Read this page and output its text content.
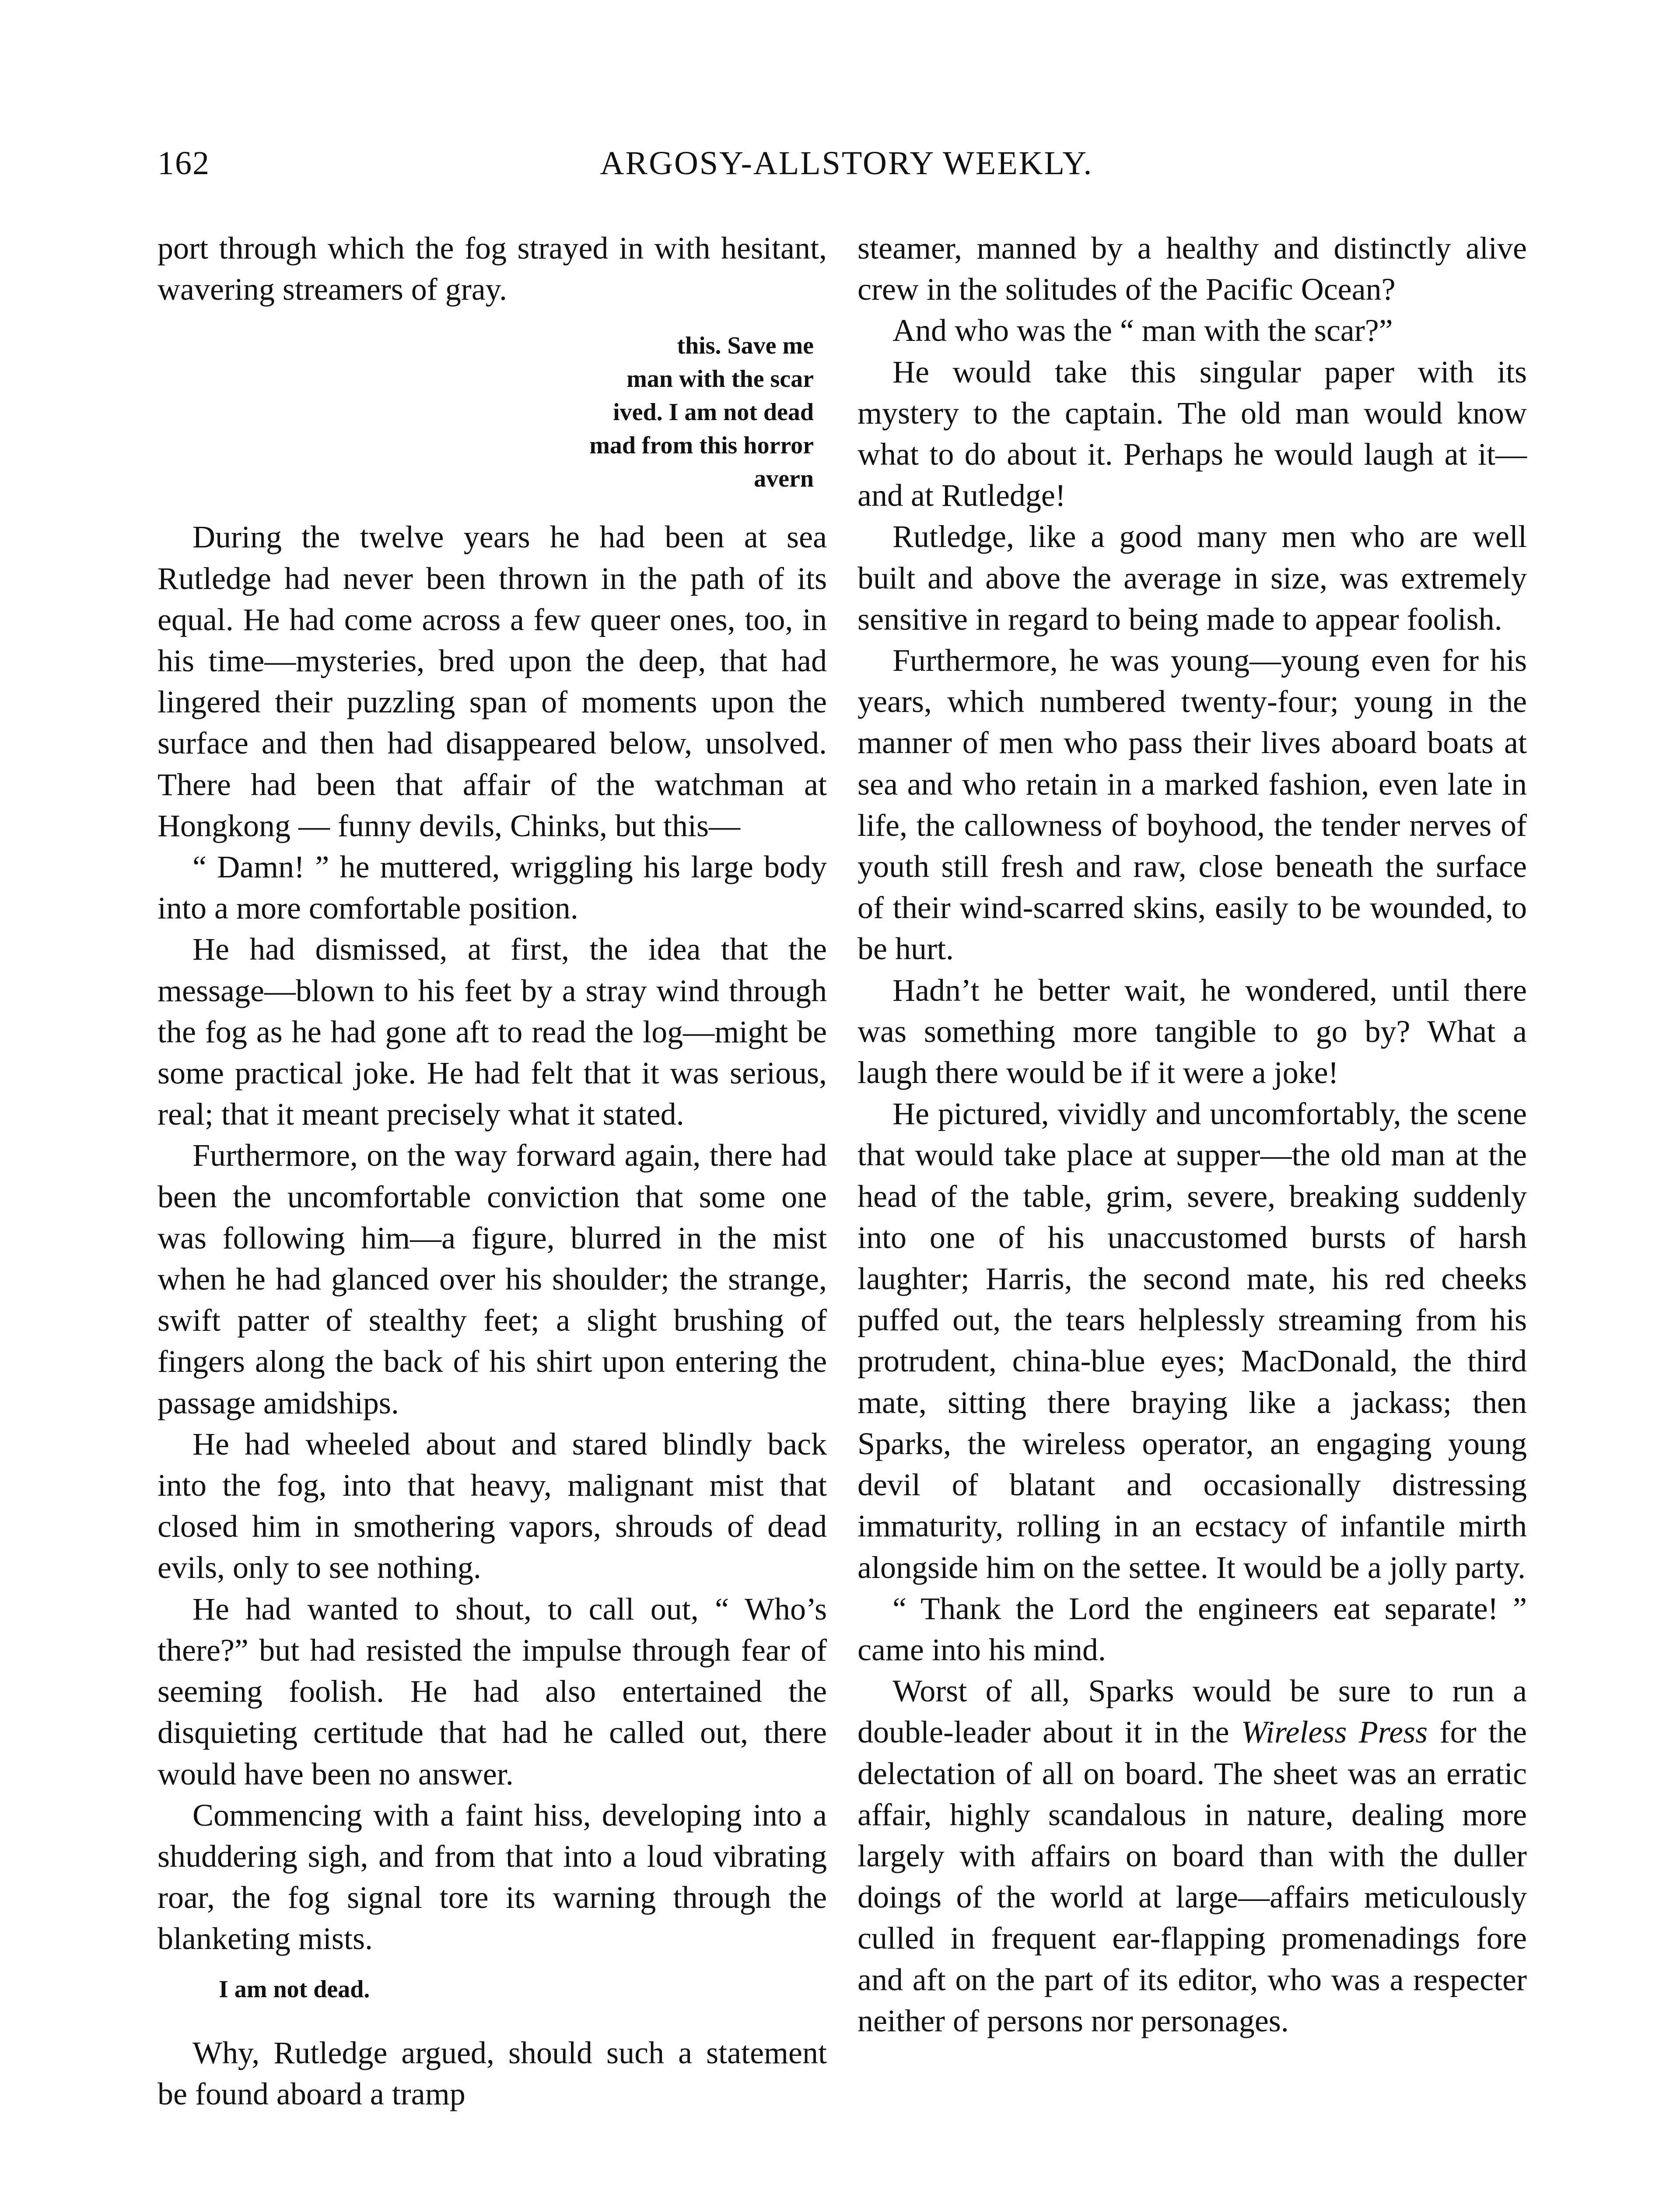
162	ARGOSY-ALLSTORY WEEKLY.

port through which the fog strayed in with hesitant, wavering streamers of gray.

this. Save me
man with the scar
ived. I am not dead
mad from this horror
avern

During the twelve years he had been at sea Rutledge had never been thrown in the path of its equal. He had come across a few queer ones, too, in his time—mysteries, bred upon the deep, that had lingered their puzzling span of moments upon the surface and then had disappeared below, unsolved. There had been that affair of the watchman at Hongkong — funny devils, Chinks, but this—

“ Damn! ” he muttered, wriggling his large body into a more comfortable position.

He had dismissed, at first, the idea that the message—blown to his feet by a stray wind through the fog as he had gone aft to read the log—might be some practical joke. He had felt that it was serious, real; that it meant precisely what it stated.

Furthermore, on the way forward again, there had been the uncomfortable conviction that some one was following him—a figure, blurred in the mist when he had glanced over his shoulder; the strange, swift patter of stealthy feet; a slight brushing of fingers along the back of his shirt upon entering the passage amidships.

He had wheeled about and stared blindly back into the fog, into that heavy, malignant mist that closed him in smothering vapors, shrouds of dead evils, only to see nothing.

He had wanted to shout, to call out, “ Who’s there?” but had resisted the impulse through fear of seeming foolish. He had also entertained the disquieting certitude that had he called out, there would have been no answer.

Commencing with a faint hiss, developing into a shuddering sigh, and from that into a loud vibrating roar, the fog signal tore its warning through the blanketing mists.

I am not dead.

Why, Rutledge argued, should such a statement be found aboard a tramp

steamer, manned by a healthy and distinctly alive crew in the solitudes of the Pacific Ocean?

And who was the “ man with the scar?”

He would take this singular paper with its mystery to the captain. The old man would know what to do about it. Perhaps he would laugh at it—and at Rutledge!

Rutledge, like a good many men who are well built and above the average in size, was extremely sensitive in regard to being made to appear foolish.

Furthermore, he was young—young even for his years, which numbered twenty-four; young in the manner of men who pass their lives aboard boats at sea and who retain in a marked fashion, even late in life, the callowness of boyhood, the tender nerves of youth still fresh and raw, close beneath the surface of their wind-scarred skins, easily to be wounded, to be hurt.

Hadn’t he better wait, he wondered, until there was something more tangible to go by? What a laugh there would be if it were a joke!

He pictured, vividly and uncomfortably, the scene that would take place at supper—the old man at the head of the table, grim, severe, breaking suddenly into one of his unaccustomed bursts of harsh laughter; Harris, the second mate, his red cheeks puffed out, the tears helplessly streaming from his protrudent, china-blue eyes; MacDonald, the third mate, sitting there braying like a jackass; then Sparks, the wireless operator, an engaging young devil of blatant and occasionally distressing immaturity, rolling in an ecstacy of infantile mirth alongside him on the settee. It would be a jolly party.

“ Thank the Lord the engineers eat separate! ” came into his mind.

Worst of all, Sparks would be sure to run a double-leader about it in the Wireless Press for the delectation of all on board. The sheet was an erratic affair, highly scandalous in nature, dealing more largely with affairs on board than with the duller doings of the world at large—affairs meticulously culled in frequent ear-flapping promenadings fore and aft on the part of its editor, who was a respecter neither of persons nor personages.
